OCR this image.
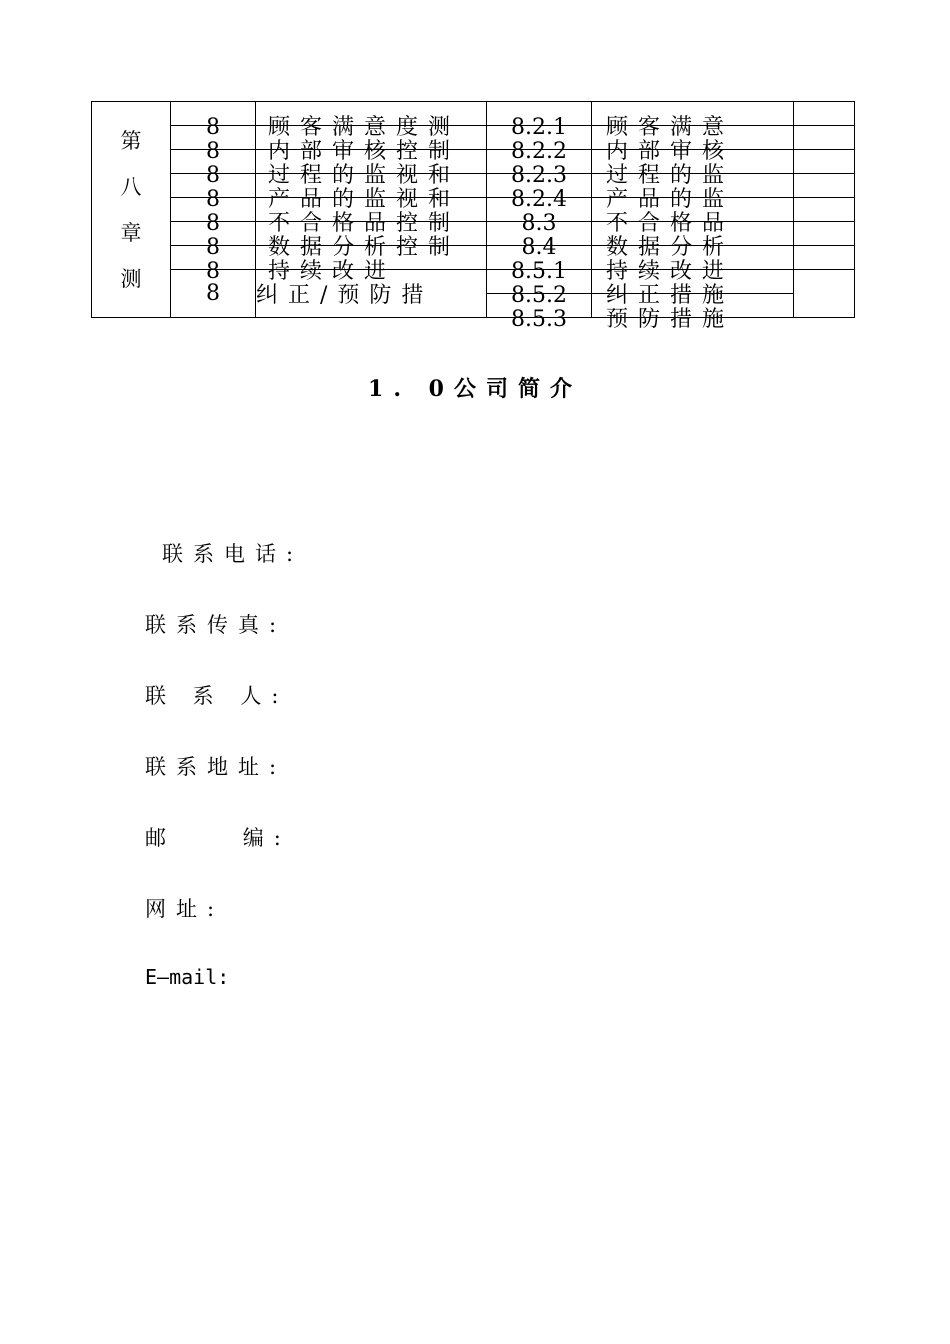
第
八
章
测	8	顾客满意度测	8.2.1	顾客满意	

	8	内部审核控制	8.2.2	内部审核	

	8	过程的监视和	8.2.3	过程的监	

	8	产品的监视和	8.2.4	产品的监	

	8	不合格品控制	8.3	不合格品	

	8	数据分析控制	8.4	数据分析	

	8	持续改进	8.5.1	持续改进	

	8	纠正/预防措	8.5.2	纠正措施	

			8.5.3	预防措施	
1. 0公司简介
联系电话:
联系传真:
联 系 人:
联系地址:
邮    编:
网址:
E—mail:
